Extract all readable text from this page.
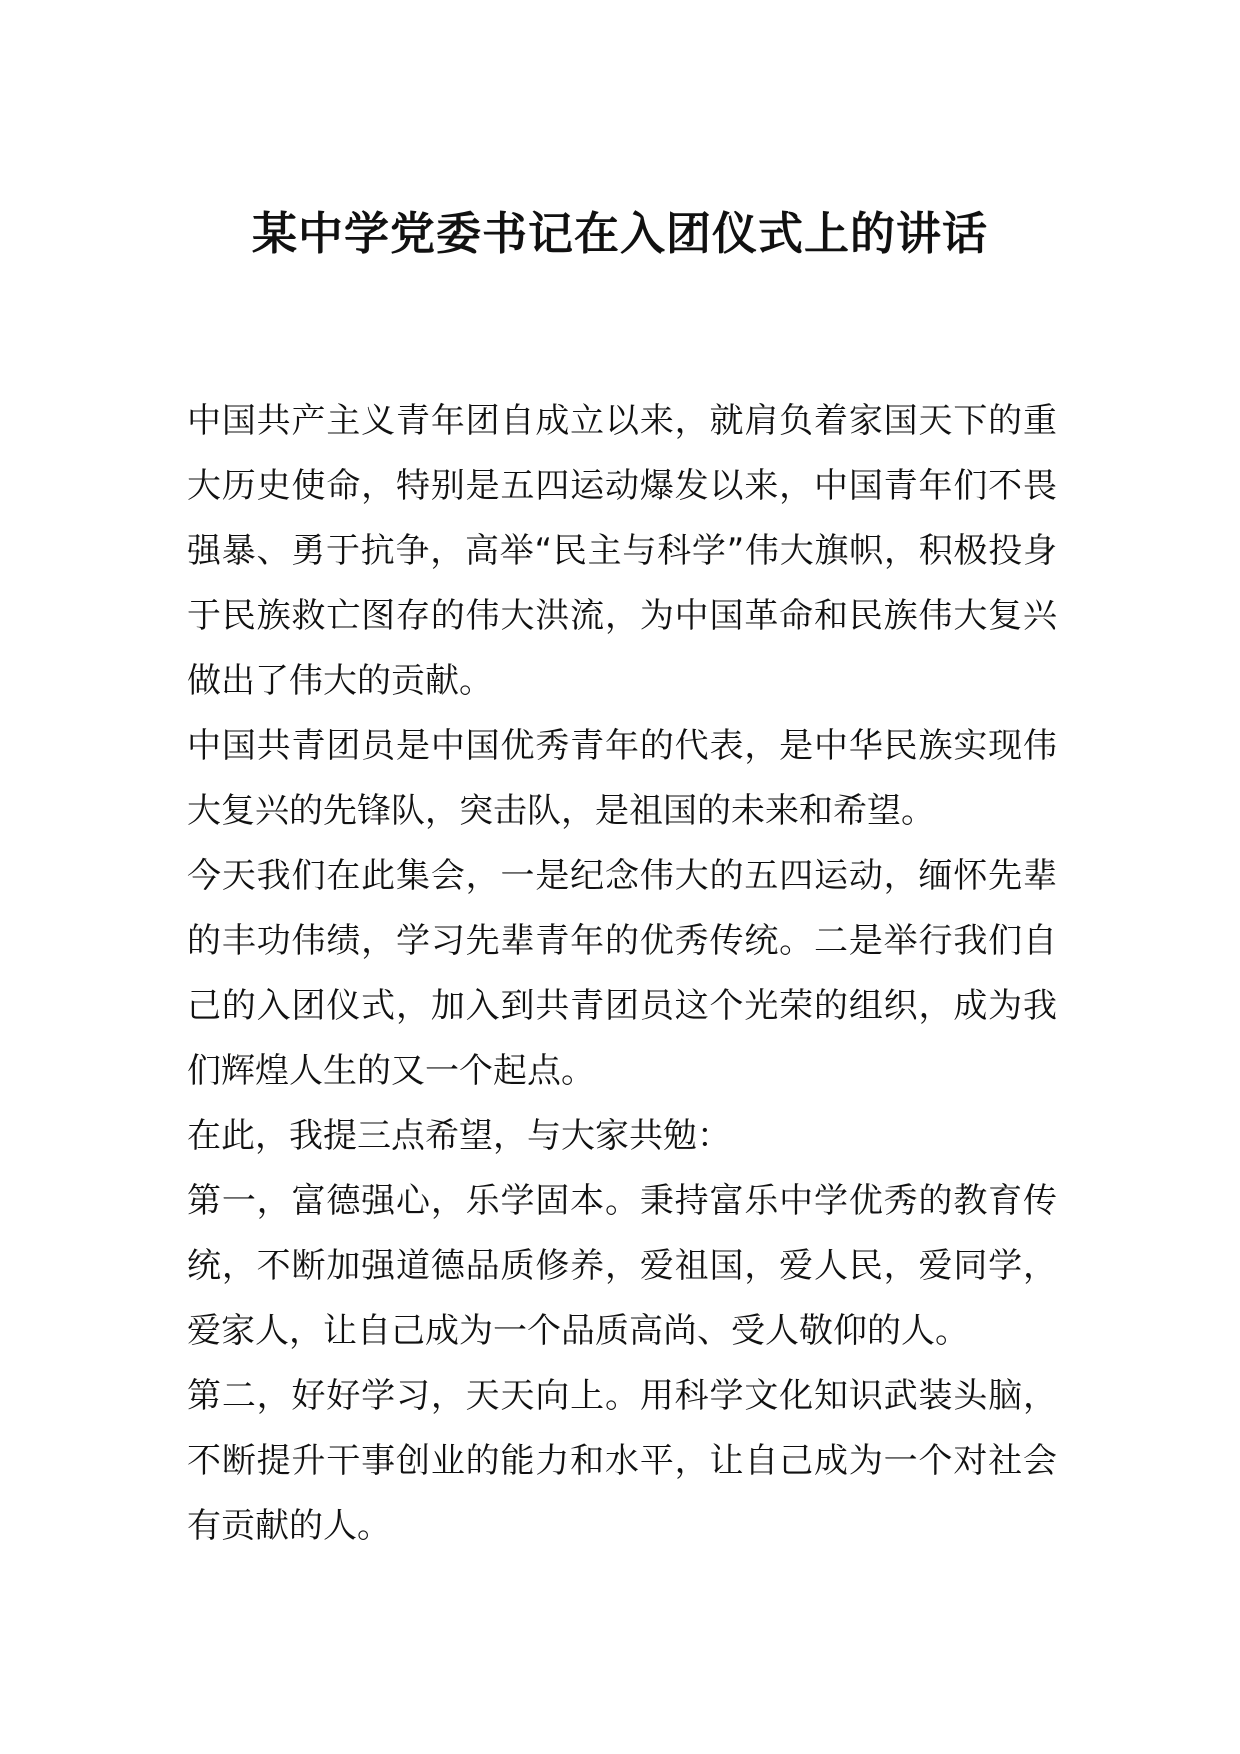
某中学党委书记在入团仪式上的讲话

中国共产主义青年团自成立以来，就肩负着家国天下的重大历史使命，特别是五四运动爆发以来，中国青年们不畏强暴、勇于抗争，高举“民主与科学”伟大旗帜，积极投身于民族救亡图存的伟大洪流，为中国革命和民族伟大复兴做出了伟大的贡献。

中国共青团员是中国优秀青年的代表，是中华民族实现伟大复兴的先锋队，突击队，是祖国的未来和希望。

今天我们在此集会，一是纪念伟大的五四运动，缅怀先辈的丰功伟绩，学习先辈青年的优秀传统。二是举行我们自己的入团仪式，加入到共青团员这个光荣的组织，成为我们辉煌人生的又一个起点。

在此，我提三点希望，与大家共勉：

第一，富德强心，乐学固本。秉持富乐中学优秀的教育传统，不断加强道德品质修养，爱祖国，爱人民，爱同学，爱家人，让自己成为一个品质高尚、受人敬仰的人。

第二，好好学习，天天向上。用科学文化知识武装头脑，不断提升干事创业的能力和水平，让自己成为一个对社会有贡献的人。
